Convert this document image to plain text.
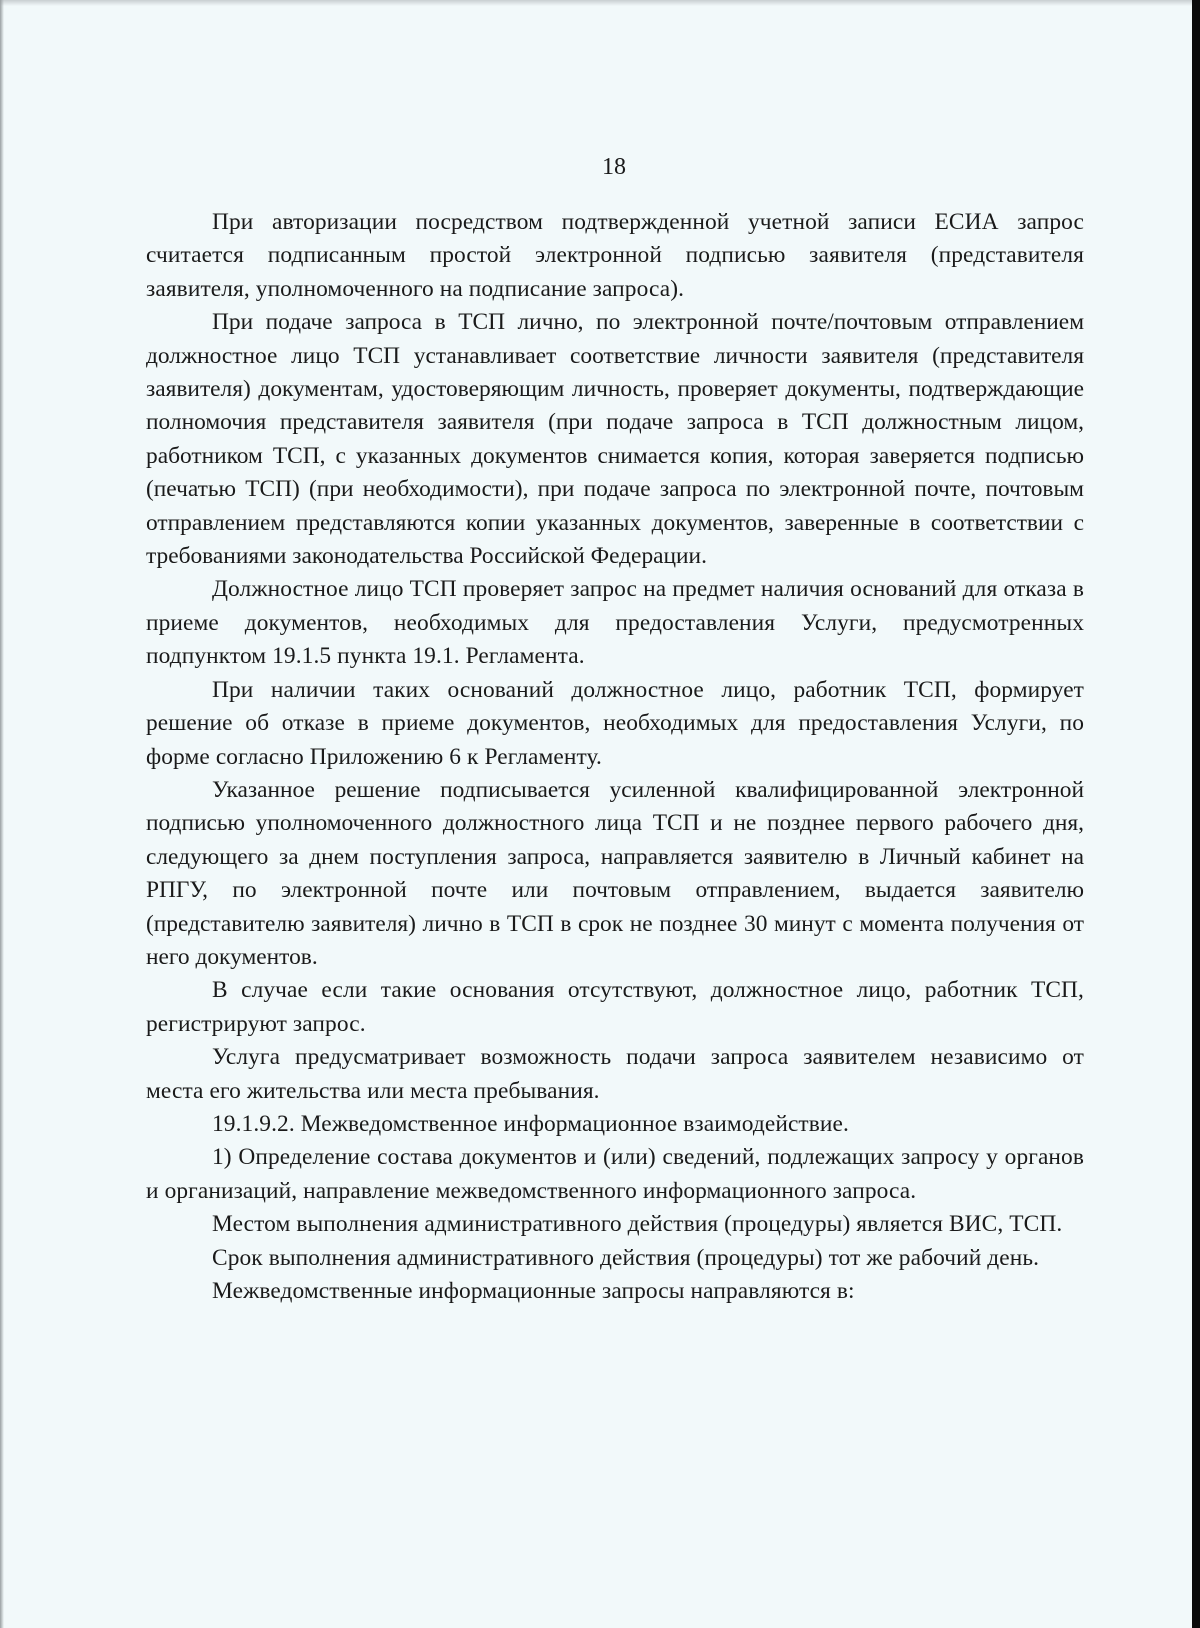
18

При авторизации посредством подтвержденной учетной записи ЕСИА запрос считается подписанным простой электронной подписью заявителя (представителя заявителя, уполномоченного на подписание запроса).

При подаче запроса в ТСП лично, по электронной почте/почтовым отправлением должностное лицо ТСП устанавливает соответствие личности заявителя (представителя заявителя) документам, удостоверяющим личность, проверяет документы, подтверждающие полномочия представителя заявителя (при подаче запроса в ТСП должностным лицом, работником ТСП, с указанных документов снимается копия, которая заверяется подписью (печатью ТСП) (при необходимости), при подаче запроса по электронной почте, почтовым отправлением представляются копии указанных документов, заверенные в соответствии с требованиями законодательства Российской Федерации.

Должностное лицо ТСП проверяет запрос на предмет наличия оснований для отказа в приеме документов, необходимых для предоставления Услуги, предусмотренных подпунктом 19.1.5 пункта 19.1. Регламента.

При наличии таких оснований должностное лицо, работник ТСП, формирует решение об отказе в приеме документов, необходимых для предоставления Услуги, по форме согласно Приложению 6 к Регламенту.

Указанное решение подписывается усиленной квалифицированной электронной подписью уполномоченного должностного лица ТСП и не позднее первого рабочего дня, следующего за днем поступления запроса, направляется заявителю в Личный кабинет на РПГУ, по электронной почте или почтовым отправлением, выдается заявителю (представителю заявителя) лично в ТСП в срок не позднее 30 минут с момента получения от него документов.

В случае если такие основания отсутствуют, должностное лицо, работник ТСП, регистрируют запрос.

Услуга предусматривает возможность подачи запроса заявителем независимо от места его жительства или места пребывания.

19.1.9.2. Межведомственное информационное взаимодействие.

1) Определение состава документов и (или) сведений, подлежащих запросу у органов и организаций, направление межведомственного информационного запроса.

Местом выполнения административного действия (процедуры) является ВИС, ТСП.

Срок выполнения административного действия (процедуры) тот же рабочий день.

Межведомственные информационные запросы направляются в:
